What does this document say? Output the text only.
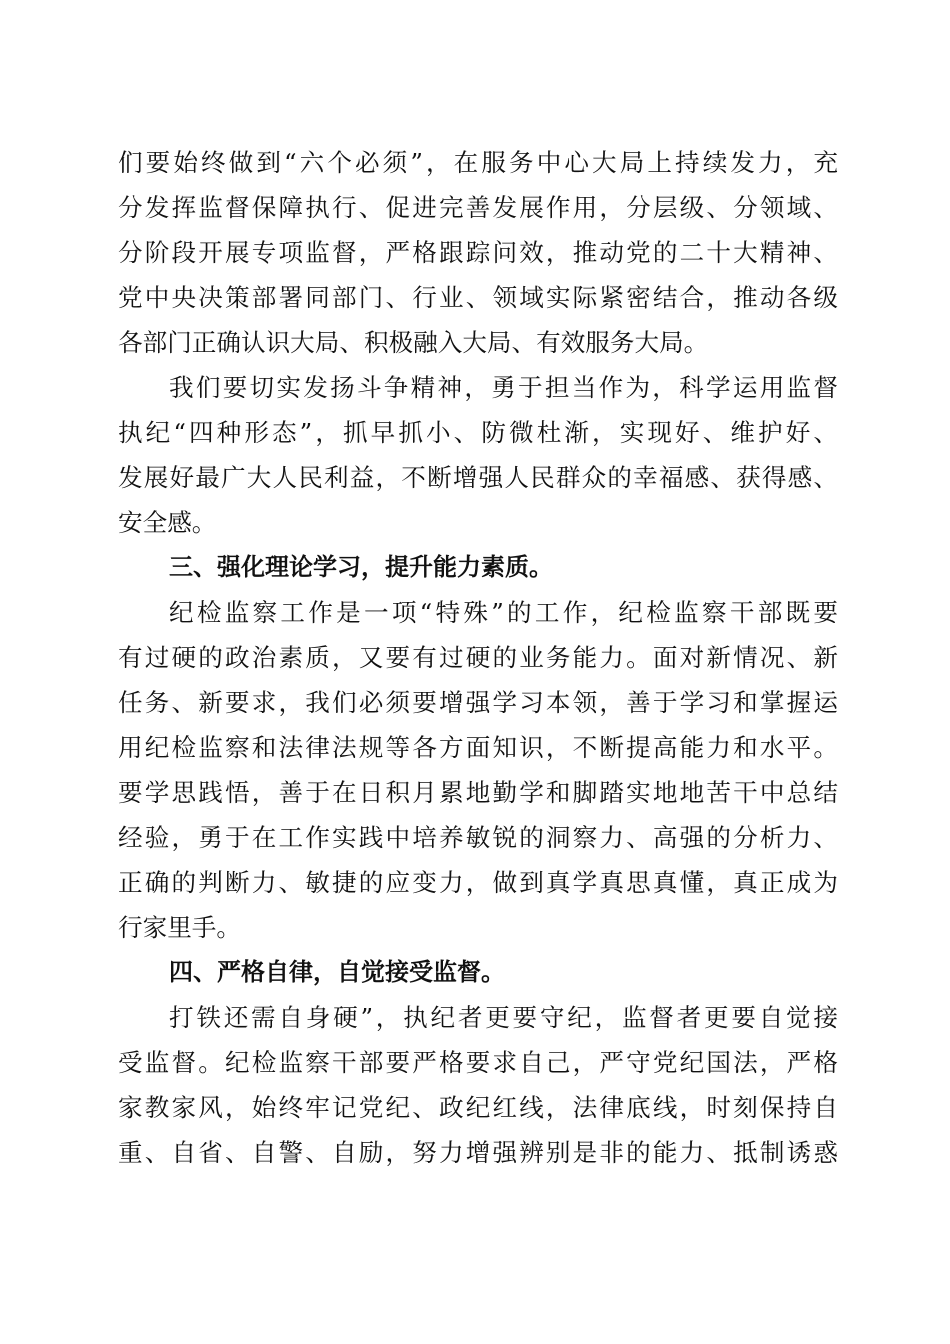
们要始终做到“六个必须”，在服务中心大局上持续发力，充
分发挥监督保障执行、促进完善发展作用，分层级、分领域、
分阶段开展专项监督，严格跟踪问效，推动党的二十大精神、
党中央决策部署同部门、行业、领域实际紧密结合，推动各级
各部门正确认识大局、积极融入大局、有效服务大局。
我们要切实发扬斗争精神，勇于担当作为，科学运用监督
执纪“四种形态”，抓早抓小、防微杜渐，实现好、维护好、
发展好最广大人民利益，不断增强人民群众的幸福感、获得感、
安全感。
三、强化理论学习，提升能力素质。
纪检监察工作是一项“特殊”的工作，纪检监察干部既要
有过硬的政治素质，又要有过硬的业务能力。面对新情况、新
任务、新要求，我们必须要增强学习本领，善于学习和掌握运
用纪检监察和法律法规等各方面知识，不断提高能力和水平。
要学思践悟，善于在日积月累地勤学和脚踏实地地苦干中总结
经验，勇于在工作实践中培养敏锐的洞察力、高强的分析力、
正确的判断力、敏捷的应变力，做到真学真思真懂，真正成为
行家里手。
四、严格自律，自觉接受监督。
打铁还需自身硬”，执纪者更要守纪，监督者更要自觉接
受监督。纪检监察干部要严格要求自己，严守党纪国法，严格
家教家风，始终牢记党纪、政纪红线，法律底线，时刻保持自
重、自省、自警、自励，努力增强辨别是非的能力、抵制诱惑
